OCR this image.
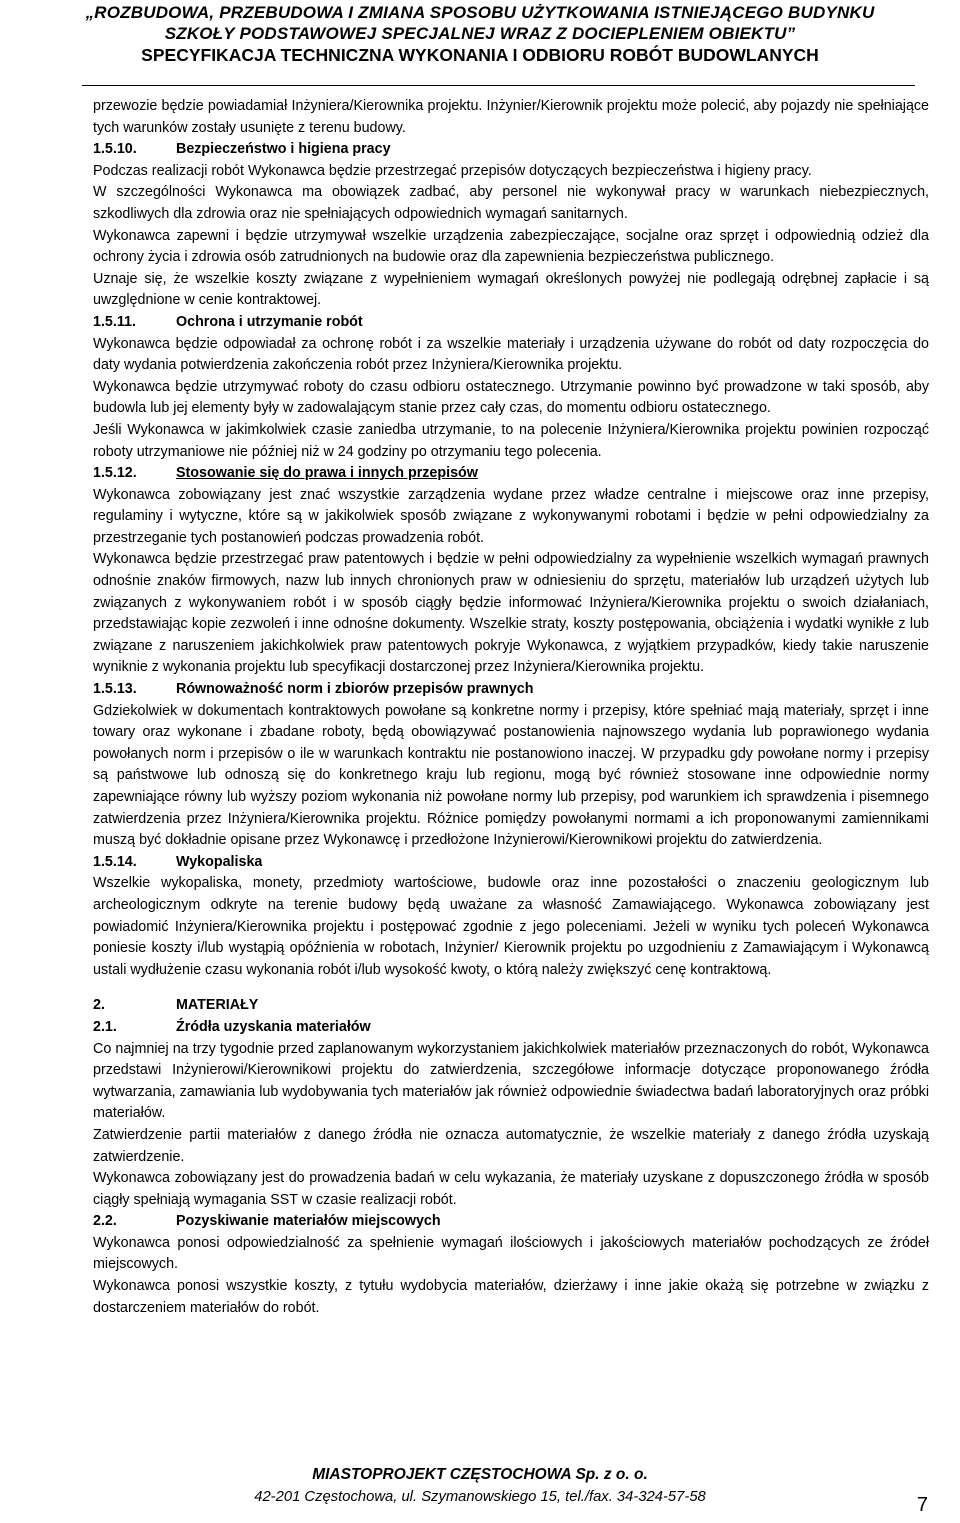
„ROZBUDOWA, PRZEBUDOWA I ZMIANA SPOSOBU UŻYTKOWANIA ISTNIEJĄCEGO BUDYNKU
SZKOŁY PODSTAWOWEJ SPECJALNEJ WRAZ Z DOCIEPLENIEM OBIEKTU”
SPECYFIKACJA TECHNICZNA WYKONANIA I ODBIORU ROBÓT BUDOWLANYCH
przewozie będzie powiadamiał Inżyniera/Kierownika projektu. Inżynier/Kierownik projektu może polecić, aby pojazdy nie spełniające tych warunków zostały usunięte z terenu budowy.
1.5.10.	Bezpieczeństwo i higiena pracy
Podczas realizacji robót Wykonawca będzie przestrzegać przepisów dotyczących bezpieczeństwa i higieny pracy.
W szczególności Wykonawca ma obowiązek zadbać, aby personel nie wykonywał pracy w warunkach niebezpiecznych, szkodliwych dla zdrowia oraz nie spełniających odpowiednich wymagań sanitarnych.
Wykonawca zapewni i będzie utrzymywał wszelkie urządzenia zabezpieczające, socjalne oraz sprzęt i odpowiednią odzież dla ochrony życia i zdrowia osób zatrudnionych na budowie oraz dla zapewnienia bezpieczeństwa publicznego.
Uznaje się, że wszelkie koszty związane z wypełnieniem wymagań określonych powyżej nie podlegają odrębnej zapłacie i są uwzględnione w cenie kontraktowej.
1.5.11.	Ochrona i utrzymanie robót
Wykonawca będzie odpowiadał za ochronę robót i za wszelkie materiały i urządzenia używane do robót od daty rozpoczęcia do daty wydania potwierdzenia zakończenia robót przez Inżyniera/Kierownika projektu.
Wykonawca będzie utrzymywać roboty do czasu odbioru ostatecznego. Utrzymanie powinno być prowadzone w taki sposób, aby budowla lub jej elementy były w zadowalającym stanie przez cały czas, do momentu odbioru ostatecznego.
Jeśli Wykonawca w jakimkolwiek czasie zaniedba utrzymanie, to na polecenie Inżyniera/Kierownika projektu powinien rozpocząć roboty utrzymaniowe nie później niż w 24 godziny po otrzymaniu tego polecenia.
1.5.12.	Stosowanie się do prawa i innych przepisów
Wykonawca zobowiązany jest znać wszystkie zarządzenia wydane przez władze centralne i miejscowe oraz inne przepisy, regulaminy i wytyczne, które są w jakikolwiek sposób związane z wykonywanymi robotami i będzie w pełni odpowiedzialny za przestrzeganie tych postanowień podczas prowadzenia robót.
Wykonawca będzie przestrzegać praw patentowych i będzie w pełni odpowiedzialny za wypełnienie wszelkich wymagań prawnych odnośnie znaków firmowych, nazw lub innych chronionych praw w odniesieniu do sprzętu, materiałów lub urządzeń użytych lub związanych z wykonywaniem robót i w sposób ciągły będzie informować Inżyniera/Kierownika projektu o swoich działaniach, przedstawiając kopie zezwoleń i inne odnośne dokumenty. Wszelkie straty, koszty postępowania, obciążenia i wydatki wynikłe z lub związane z naruszeniem jakichkolwiek praw patentowych pokryje Wykonawca, z wyjątkiem przypadków, kiedy takie naruszenie wyniknie z wykonania projektu lub specyfikacji dostarczonej przez Inżyniera/Kierownika projektu.
1.5.13.	Równoważność norm i zbiorów przepisów prawnych
Gdziekolwiek w dokumentach kontraktowych powołane są konkretne normy i przepisy, które spełniać mają materiały, sprzęt i inne towary oraz wykonane i zbadane roboty, będą obowiązywać postanowienia najnowszego wydania lub poprawionego wydania powołanych norm i przepisów o ile w warunkach kontraktu nie postanowiono inaczej. W przypadku gdy powołane normy i przepisy są państwowe lub odnoszą się do konkretnego kraju lub regionu, mogą być również stosowane inne odpowiednie normy zapewniające równy lub wyższy poziom wykonania niż powołane normy lub przepisy, pod warunkiem ich sprawdzenia i pisemnego zatwierdzenia przez Inżyniera/Kierownika projektu. Różnice pomiędzy powołanymi normami a ich proponowanymi zamiennikami muszą być dokładnie opisane przez Wykonawcę i przedłożone Inżynierowi/Kierownikowi projektu do zatwierdzenia.
1.5.14.	Wykopaliska
Wszelkie wykopaliska, monety, przedmioty wartościowe, budowle oraz inne pozostałości o znaczeniu geologicznym lub archeologicznym odkryte na terenie budowy będą uważane za własność Zamawiającego. Wykonawca zobowiązany jest powiadomić Inżyniera/Kierownika projektu i postępować zgodnie z jego poleceniami. Jeżeli w wyniku tych poleceń Wykonawca poniesie koszty i/lub wystąpią opóźnienia w robotach, Inżynier/ Kierownik projektu po uzgodnieniu z Zamawiającym i Wykonawcą ustali wydłużenie czasu wykonania robót i/lub wysokość kwoty, o którą należy zwiększyć cenę kontraktową.
2.	MATERIAŁY
2.1.	Źródła uzyskania materiałów
Co najmniej na trzy tygodnie przed zaplanowanym wykorzystaniem jakichkolwiek materiałów przeznaczonych do robót, Wykonawca przedstawi Inżynierowi/Kierownikowi projektu do zatwierdzenia, szczegółowe informacje dotyczące proponowanego źródła wytwarzania, zamawiania lub wydobywania tych materiałów jak również odpowiednie świadectwa badań laboratoryjnych oraz próbki materiałów.
Zatwierdzenie partii materiałów z danego źródła nie oznacza automatycznie, że wszelkie materiały z danego źródła uzyskają zatwierdzenie.
Wykonawca zobowiązany jest do prowadzenia badań w celu wykazania, że materiały uzyskane z dopuszczonego źródła w sposób ciągły spełniają wymagania SST w czasie realizacji robót.
2.2.	Pozyskiwanie materiałów miejscowych
Wykonawca ponosi odpowiedzialność za spełnienie wymagań ilościowych i jakościowych materiałów pochodzących ze źródeł miejscowych.
Wykonawca ponosi wszystkie koszty, z tytułu wydobycia materiałów, dzierżawy i inne jakie okażą się potrzebne w związku z dostarczeniem materiałów do robót.
MIASTOPROJEKT CZĘSTOCHOWA Sp. z o. o.
42-201 Częstochowa, ul. Szymanowskiego 15, tel./fax. 34-324-57-58	7
